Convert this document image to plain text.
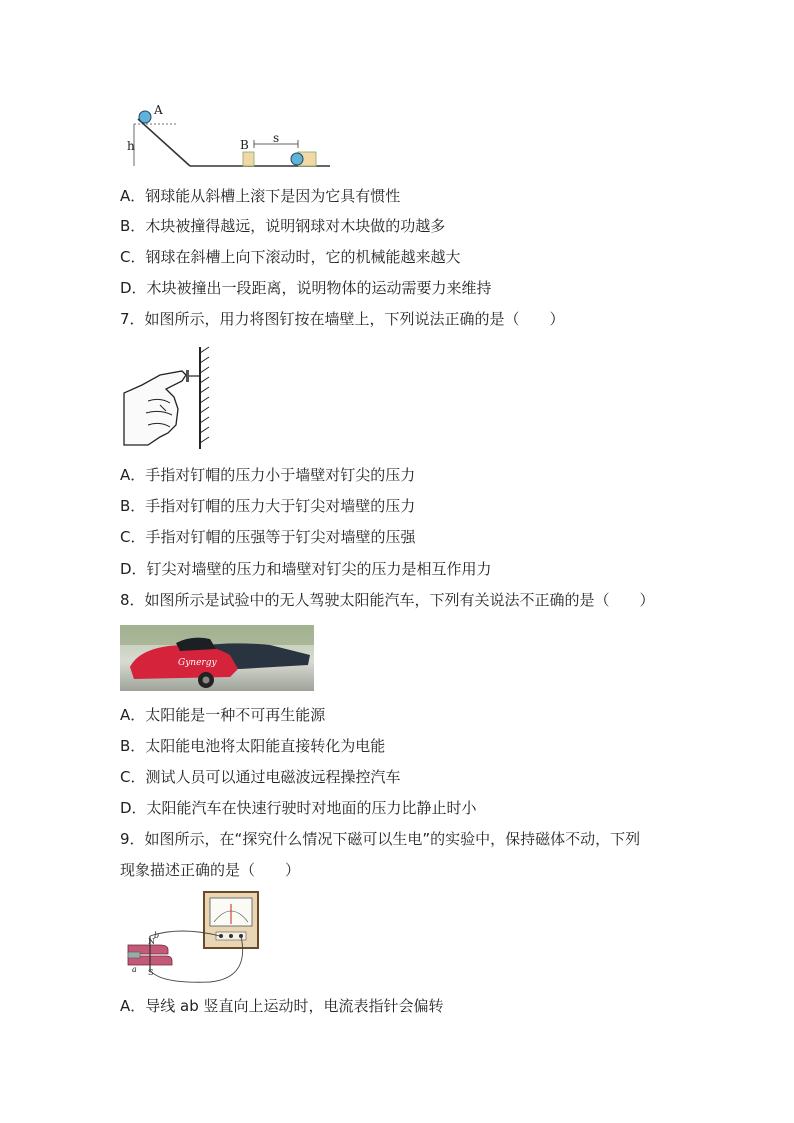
A
h	B s
A．钢球能从斜槽上滚下是因为它具有惯性
B．木块被撞得越远，说明钢球对木块做的功越多
C．钢球在斜槽上向下滚动时，它的机械能越来越大
D．木块被撞出一段距离，说明物体的运动需要力来维持
7．如图所示，用力将图钉按在墙壁上，下列说法正确的是（　　）
A．手指对钉帽的压力小于墙壁对钉尖的压力
B．手指对钉帽的压力大于钉尖对墙壁的压力
C．手指对钉帽的压强等于钉尖对墙壁的压强
D．钉尖对墙壁的压力和墙壁对钉尖的压力是相互作用力
8．如图所示是试验中的无人驾驶太阳能汽车，下列有关说法不正确的是（　　）
Gynergy
A．太阳能是一种不可再生能源
B．太阳能电池将太阳能直接转化为电能
C．测试人员可以通过电磁波远程操控汽车
D．太阳能汽车在快速行驶时对地面的压力比静止时小
9．如图所示，在“探究什么情况下磁可以生电”的实验中，保持磁体不动，下列
现象描述正确的是（　　）
N
S
a
b
A．导线 ab 竖直向上运动时，电流表指针会偏转
